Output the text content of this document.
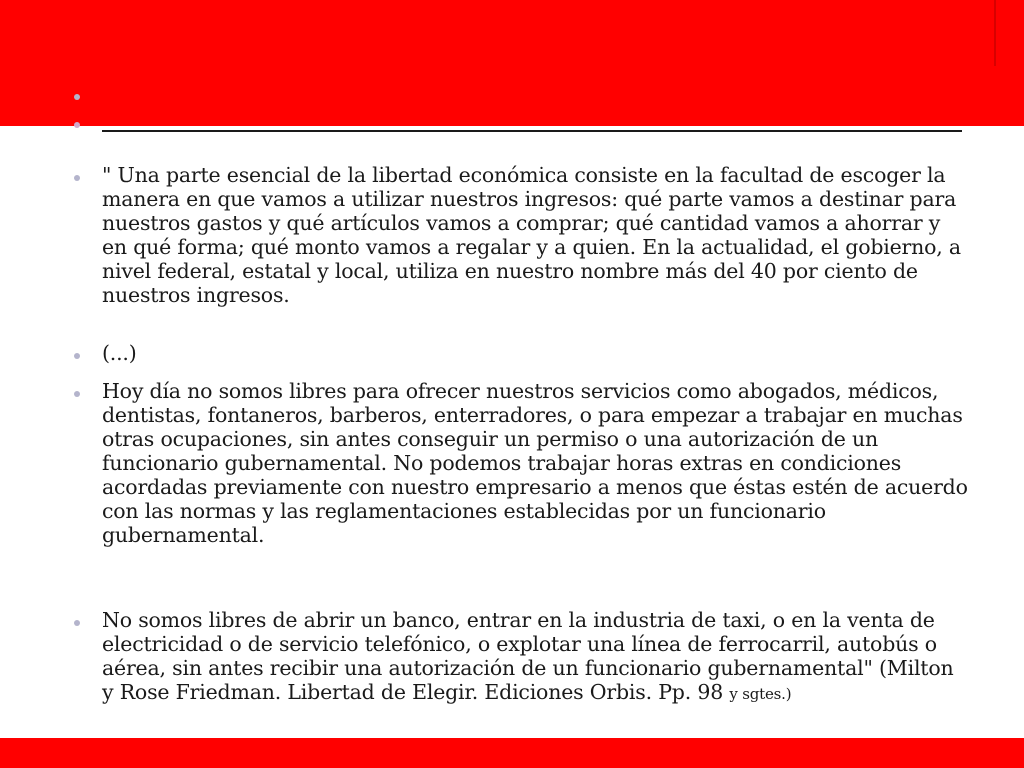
" Una parte esencial de la libertad económica consiste en la facultad de escoger la manera en que vamos a utilizar nuestros ingresos: qué parte vamos a destinar para nuestros gastos y qué artículos vamos a comprar; qué cantidad vamos a ahorrar y en qué forma; qué monto vamos a regalar y a quien. En la actualidad, el gobierno, a nivel federal, estatal y local, utiliza en nuestro nombre más del 40 por ciento de nuestros ingresos.
(...)
Hoy día no somos libres para ofrecer nuestros servicios como abogados, médicos, dentistas, fontaneros, barberos, enterradores, o para empezar a trabajar en muchas otras ocupaciones, sin antes conseguir un permiso o una autorización de un funcionario gubernamental. No podemos trabajar horas extras en condiciones acordadas previamente con nuestro empresario a menos que éstas estén de acuerdo con las normas y las reglamentaciones establecidas por un funcionario gubernamental.
No somos libres de abrir un banco, entrar en la industria de taxi, o en la venta de electricidad o de servicio telefónico, o explotar una línea de ferrocarril, autobús o aérea, sin antes recibir una autorización de un funcionario gubernamental" (Milton y Rose Friedman. Libertad de Elegir. Ediciones Orbis. Pp. 98 y sgtes.)
